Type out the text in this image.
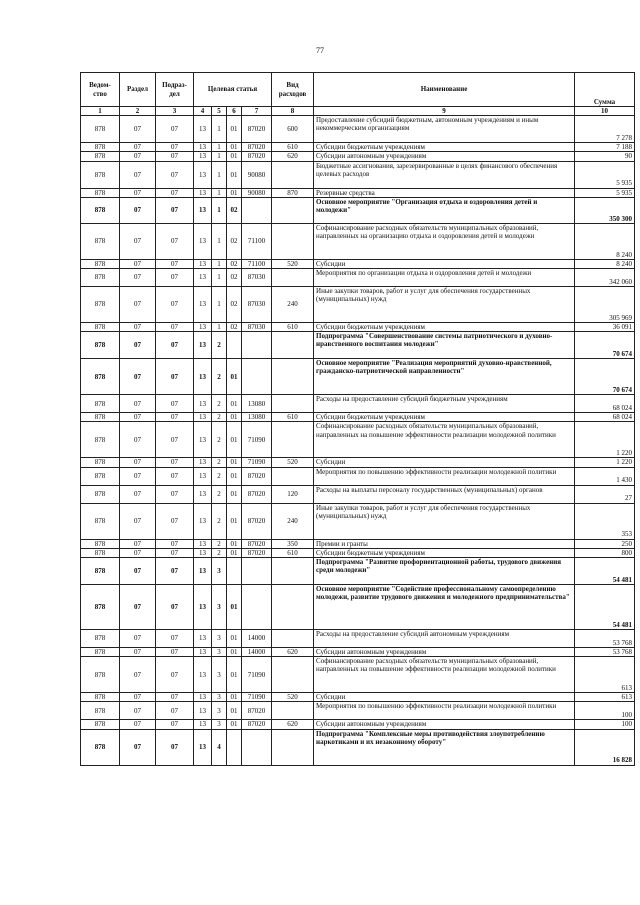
77
Ведом-ство	Раздел	Подраз-дел	Целевая статья				Вид расходов	Наименование	Сумма
1	2	3	4	5	6	7	8	9	10
878	07	07	13	1	01	87020	600	Предоставление субсидий бюджетным, автономным учреждениям и иным некоммерческим организациям	7 278
878	07	07	13	1	01	87020	610	Субсидии бюджетным учреждениям	7 188
878	07	07	13	1	01	87020	620	Субсидии автономным учреждениям	90
878	07	07	13	1	01	90080		Бюджетные ассигнования, зарезервированные в целях финансового обеспечения целевых расходов	5 935
878	07	07	13	1	01	90080	870	Резервные средства	5 935
878	07	07	13	1	02			Основное мероприятие "Организация отдыха и оздоровления детей и молодежи"	350 300
878	07	07	13	1	02	71100		Софинансирование расходных обязательств муниципальных образований, направленных на организацию отдыха и оздоровления детей и молодежи	8 240
878	07	07	13	1	02	71100	520	Субсидии	8 240
878	07	07	13	1	02	87030		Мероприятия по организации отдыха и оздоровления детей и молодежи	342 060
878	07	07	13	1	02	87030	240	Иные закупки товаров, работ и услуг для обеспечения государственных (муниципальных) нужд	305 969
878	07	07	13	1	02	87030	610	Субсидии бюджетным учреждениям	36 091
878	07	07	13	2				Подпрограмма "Совершенствование системы патриотического и духовно-нравственного воспитания молодежи"	70 674
878	07	07	13	2	01			Основное мероприятие "Реализация мероприятий духовно-нравственной, гражданско-патриотической направленности"	70 674
878	07	07	13	2	01	13080		Расходы на предоставление субсидий бюджетным учреждениям	68 024
878	07	07	13	2	01	13080	610	Субсидии бюджетным учреждениям	68 024
878	07	07	13	2	01	71090		Софинансирование расходных обязательств муниципальных образований, направленных на повышение эффективности реализации молодежной политики	1 220
878	07	07	13	2	01	71090	520	Субсидии	1 220
878	07	07	13	2	01	87020		Мероприятия по повышению эффективности реализации молодежной политики	1 430
878	07	07	13	2	01	87020	120	Расходы на выплаты персоналу государственных (муниципальных) органов	27
878	07	07	13	2	01	87020	240	Иные закупки товаров, работ и услуг для обеспечения государственных (муниципальных) нужд	353
878	07	07	13	2	01	87020	350	Премии и гранты	250
878	07	07	13	2	01	87020	610	Субсидии бюджетным учреждениям	800
878	07	07	13	3				Подпрограмма "Развитие профориентационной работы, трудового движения среди молодежи"	54 481
878	07	07	13	3	01			Основное мероприятие "Содействие профессиональному самоопределению молодежи, развитие трудового движения и молодежного предпринимательства"	54 481
878	07	07	13	3	01	14000		Расходы на предоставление субсидий автономным учреждениям	53 768
878	07	07	13	3	01	14000	620	Субсидии автономным учреждениям	53 768
878	07	07	13	3	01	71090		Софинансирование расходных обязательств муниципальных образований, направленных на повышение эффективности реализации молодежной политики	613
878	07	07	13	3	01	71090	520	Субсидии	613
878	07	07	13	3	01	87020		Мероприятия по повышению эффективности реализации молодежной политики	100
878	07	07	13	3	01	87020	620	Субсидии автономным учреждениям	100
878	07	07	13	4				Подпрограмма "Комплексные меры противодействия злоупотреблению наркотиками и их незаконному обороту"	16 828
